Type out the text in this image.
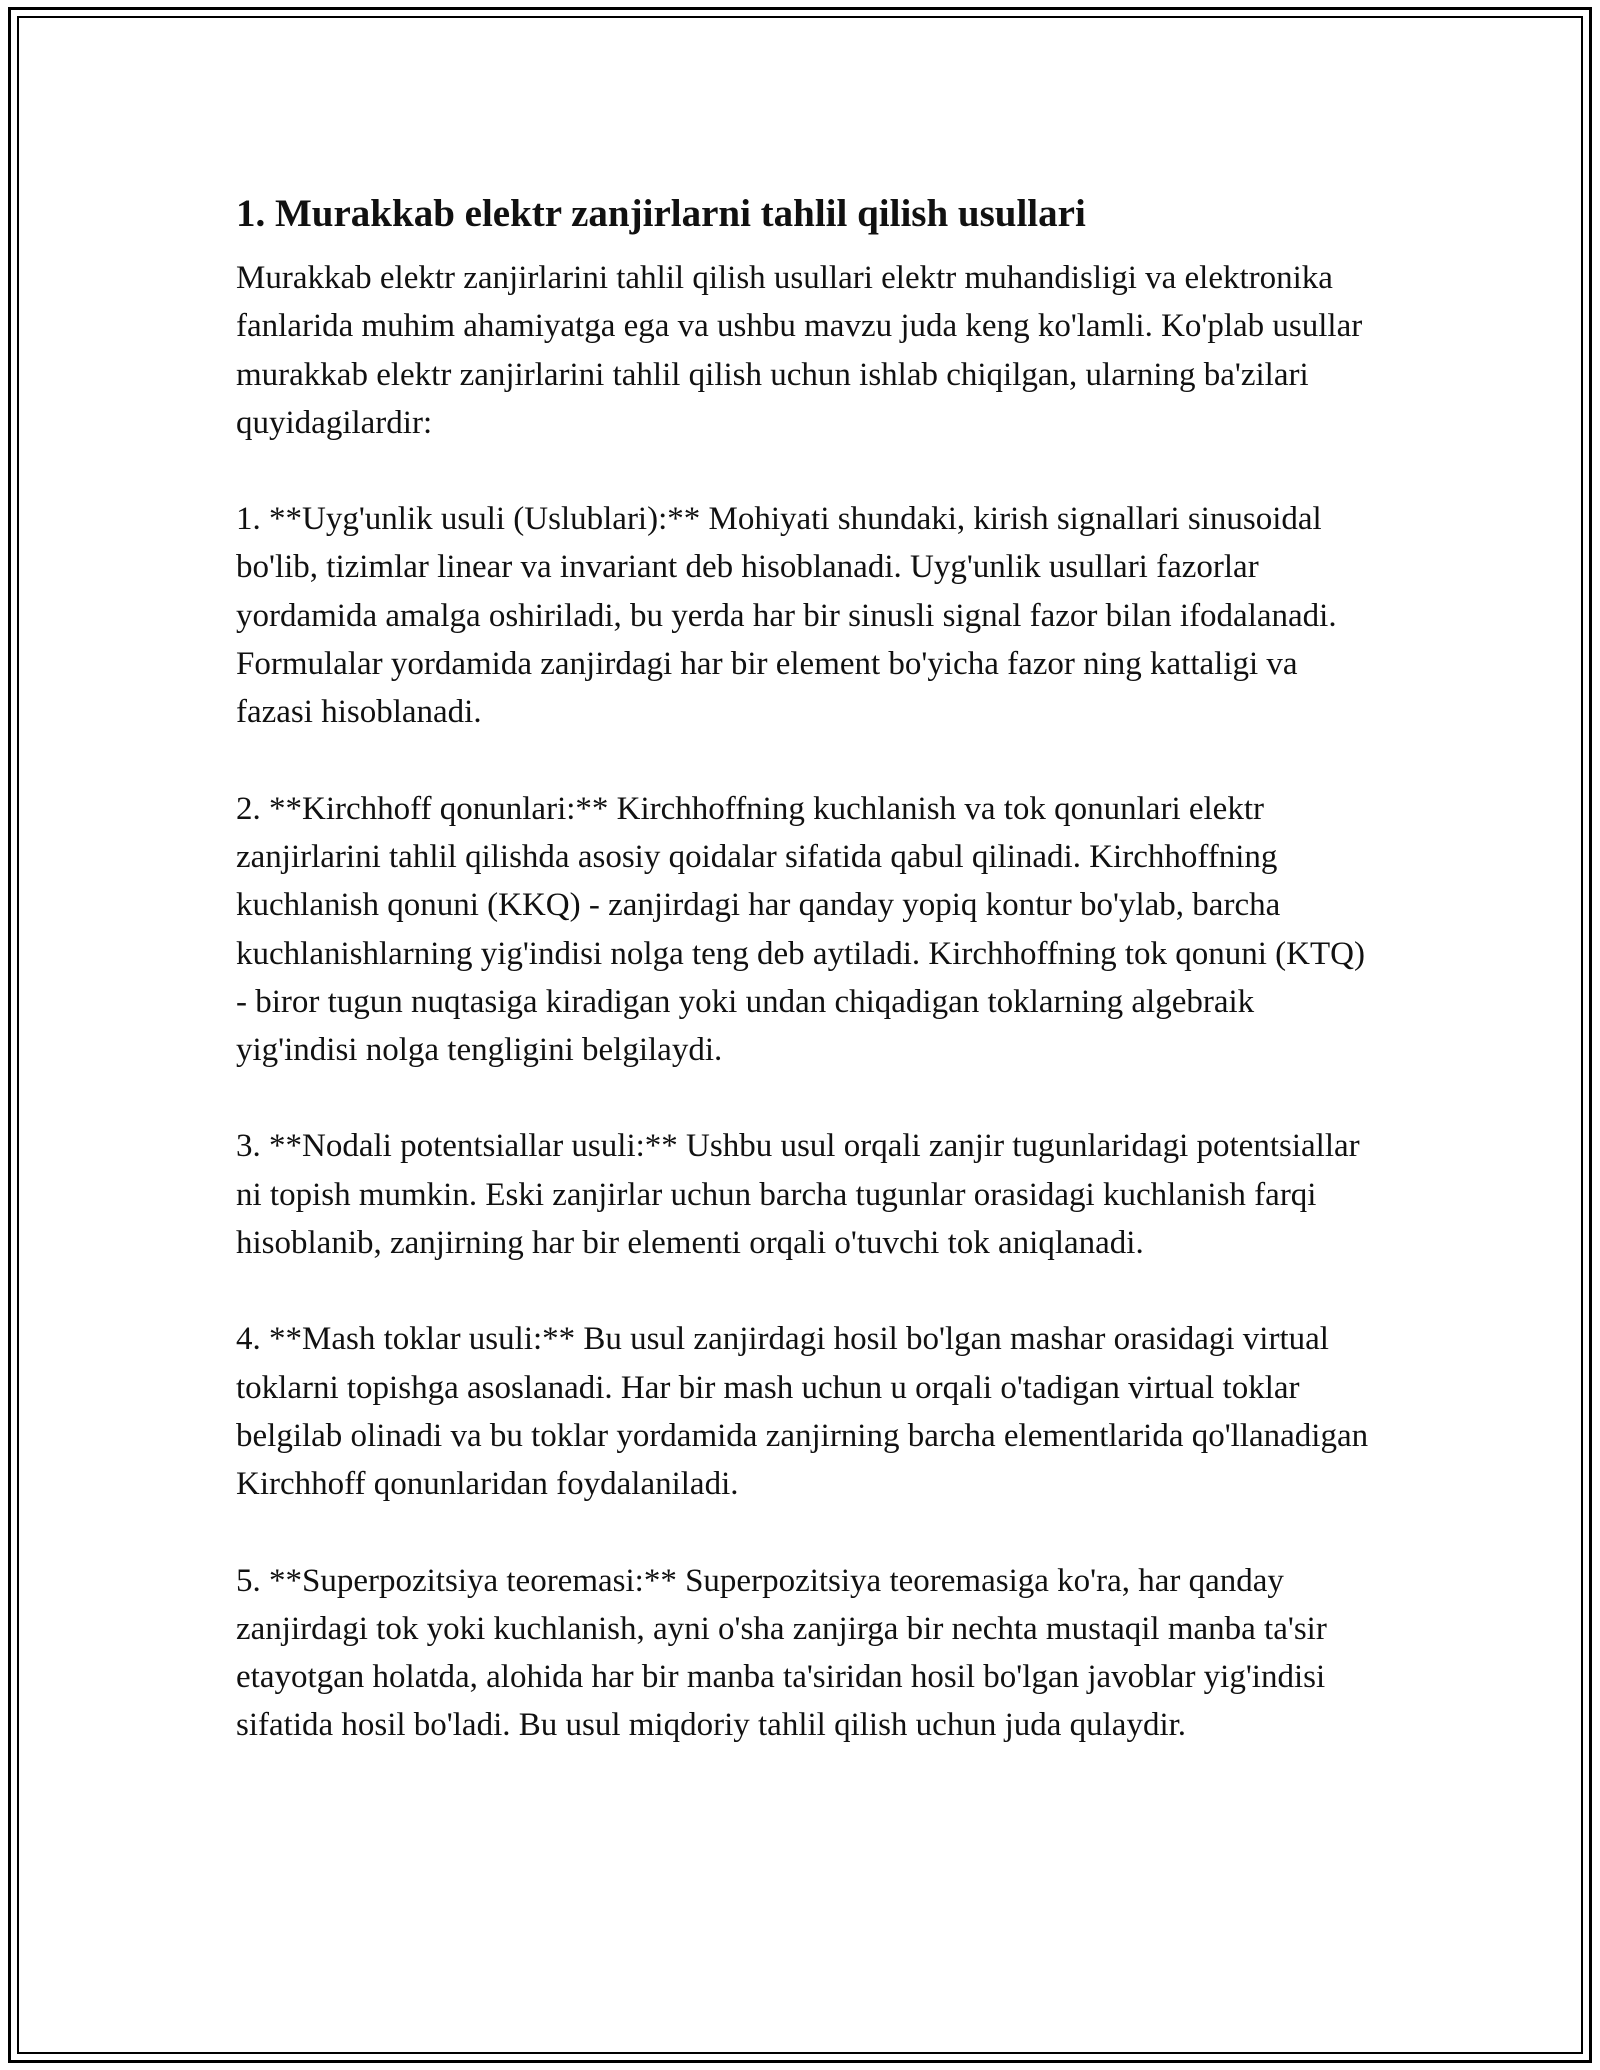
1. Murakkab elektr zanjirlarni tahlil qilish usullari

Murakkab elektr zanjirlarini tahlil qilish usullari elektr muhandisligi va elektronika fanlarida muhim ahamiyatga ega va ushbu mavzu juda keng ko'lamli. Ko'plab usullar murakkab elektr zanjirlarini tahlil qilish uchun ishlab chiqilgan, ularning ba'zilari quyidagilardir:

1. **Uyg'unlik usuli (Uslublari):** Mohiyati shundaki, kirish signallari sinusoidal bo'lib, tizimlar linear va invariant deb hisoblanadi. Uyg'unlik usullari fazorlar yordamida amalga oshiriladi, bu yerda har bir sinusli signal fazor bilan ifodalanadi. Formulalar yordamida zanjirdagi har bir element bo'yicha fazor ning kattaligi va fazasi hisoblanadi.

2. **Kirchhoff qonunlari:** Kirchhoffning kuchlanish va tok qonunlari elektr zanjirlarini tahlil qilishda asosiy qoidalar sifatida qabul qilinadi. Kirchhoffning kuchlanish qonuni (KKQ) - zanjirdagi har qanday yopiq kontur bo'ylab, barcha kuchlanishlarning yig'indisi nolga teng deb aytiladi. Kirchhoffning tok qonuni (KTQ) - biror tugun nuqtasiga kiradigan yoki undan chiqadigan toklarning algebraik yig'indisi nolga tengligini belgilaydi.

3. **Nodali potentsiallar usuli:** Ushbu usul orqali zanjir tugunlaridagi potentsiallar ni topish mumkin. Eski zanjirlar uchun barcha tugunlar orasidagi kuchlanish farqi hisoblanib, zanjirning har bir elementi orqali o'tuvchi tok aniqlanadi.

4. **Mash toklar usuli:** Bu usul zanjirdagi hosil bo'lgan mashar orasidagi virtual toklarni topishga asoslanadi. Har bir mash uchun u orqali o'tadigan virtual toklar belgilab olinadi va bu toklar yordamida zanjirning barcha elementlarida qo'llanadigan Kirchhoff qonunlaridan foydalaniladi.

5. **Superpozitsiya teoremasi:** Superpozitsiya teoremasiga ko'ra, har qanday zanjirdagi tok yoki kuchlanish, ayni o'sha zanjirga bir nechta mustaqil manba ta'sir etayotgan holatda, alohida har bir manba ta'siridan hosil bo'lgan javoblar yig'indisi sifatida hosil bo'ladi. Bu usul miqdoriy tahlil qilish uchun juda qulaydir.
